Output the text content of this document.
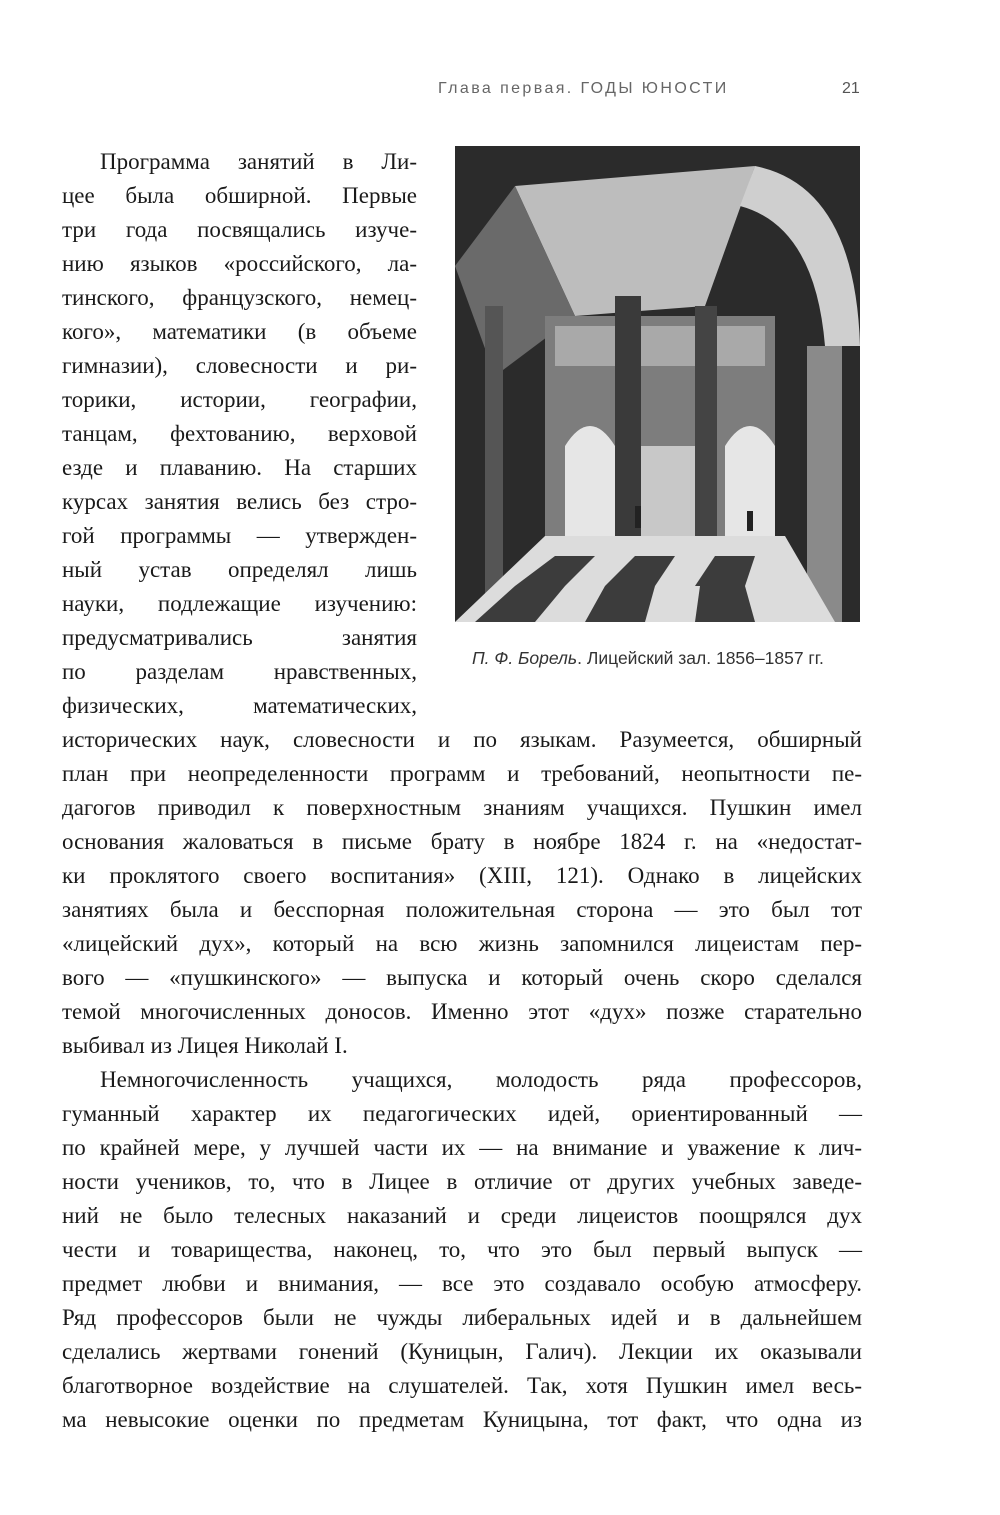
Глава первая. ГОДЫ ЮНОСТИ	21
П. Ф. Борель. Лицейский зал. 1856–1857 гг.

Программа занятий в Ли-

цее была обширной. Первые

три года посвящались изуче-

нию языков «российского, ла-

тинского, французского, немец-

кого», математики (в объеме

гимназии), словесности и ри-

торики, истории, географии,

танцам, фехтованию, верховой

езде и плаванию. На старших

курсах занятия велись без стро-

гой программы — утвержден-

ный устав определял лишь

науки, подлежащие изучению:

предусматривались занятия

по разделам нравственных,

физических, математических,

исторических наук, словесности и по языкам. Разумеется, обширный

план при неопределенности программ и требований, неопытности пе-

дагогов приводил к поверхностным знаниям учащихся. Пушкин имел

основания жаловаться в письме брату в ноябре 1824 г. на «недостат-

ки проклятого своего воспитания» (XIII, 121). Однако в лицейских

занятиях была и бесспорная положительная сторона — это был тот

«лицейский дух», который на всю жизнь запомнился лицеистам пер-

вого — «пушкинского» — выпуска и который очень скоро сделался

темой многочисленных доносов. Именно этот «дух» позже старательно

выбивал из Лицея Николай I.

Немногочисленность учащихся, молодость ряда профессоров,

гуманный характер их педагогических идей, ориентированный —

по крайней мере, у лучшей части их — на внимание и уважение к лич-

ности учеников, то, что в Лицее в отличие от других учебных заведе-

ний не было телесных наказаний и среди лицеистов поощрялся дух

чести и товарищества, наконец, то, что это был первый выпуск —

предмет любви и внимания, — все это создавало особую атмосферу.

Ряд профессоров были не чужды либеральных идей и в дальнейшем

сделались жертвами гонений (Куницын, Галич). Лекции их оказывали

благотворное воздействие на слушателей. Так, хотя Пушкин имел весь-

ма невысокие оценки по предметам Куницына, тот факт, что одна из
